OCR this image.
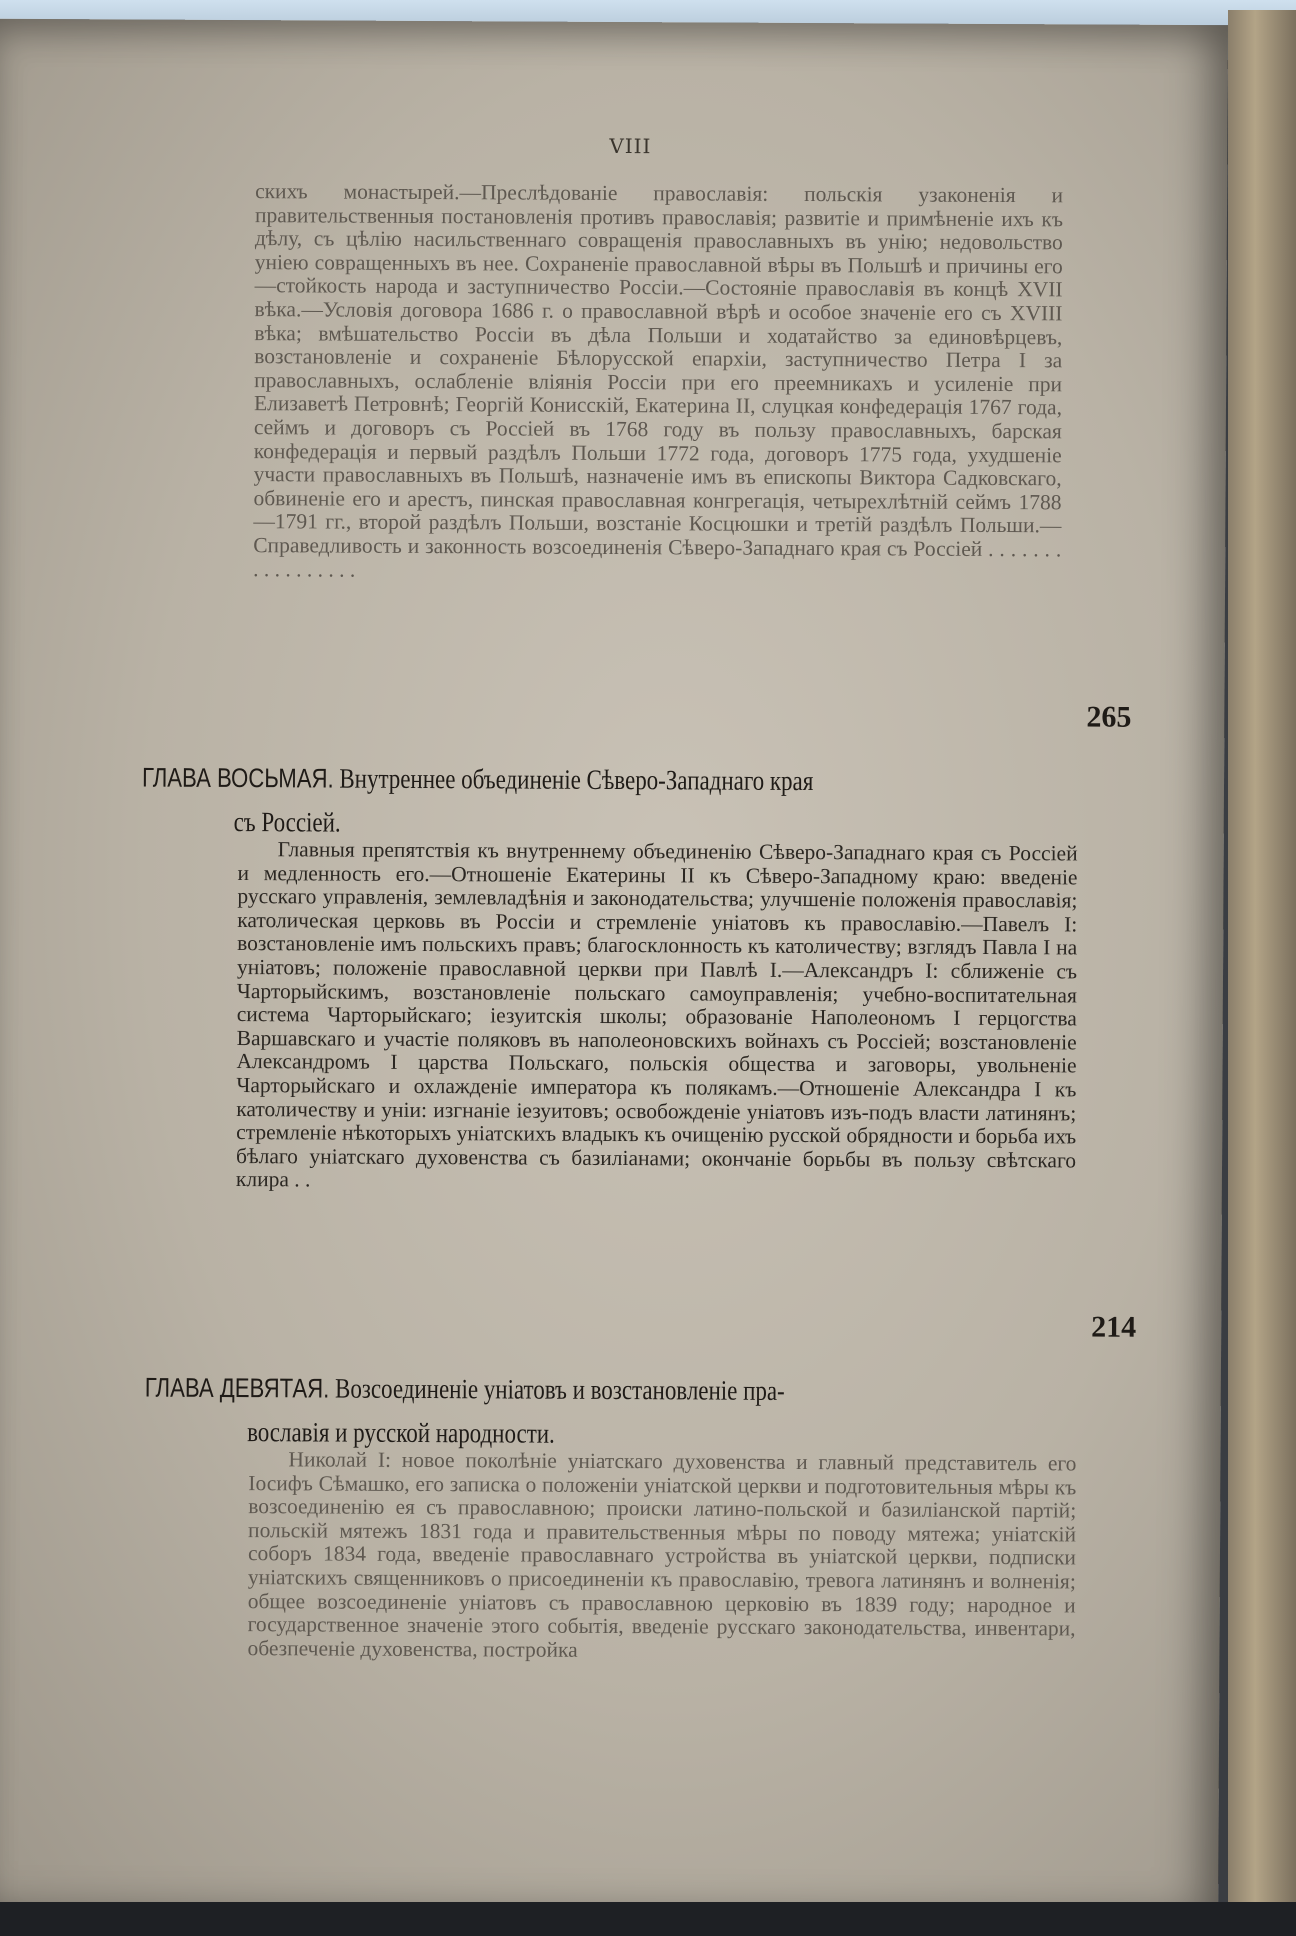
VIII

скихъ монастырей.—Преслѣдованіе православія: польскія узаконенія и правительственныя постановленія противъ православія; развитіе и примѣненіе ихъ къ дѣлу, съ цѣлію насильственнаго совращенія православныхъ въ унію; недовольство уніею совращенныхъ въ нее. Сохраненіе православной вѣры въ Польшѣ и причины его—стойкость народа и заступничество Россіи.—Состояніе православія въ концѣ XVII вѣка.—Условія договора 1686 г. о православной вѣрѣ и особое значеніе его съ XVIII вѣка; вмѣшательство Россіи въ дѣла Польши и ходатайство за единовѣрцевъ, возстановленіе и сохраненіе Бѣлорусской епархіи, заступничество Петра I за православныхъ, ослабленіе вліянія Россіи при его преемникахъ и усиленіе при Елизаветѣ Петровнѣ; Георгій Конисскій, Екатерина II, слуцкая конфедерація 1767 года, сеймъ и договоръ съ Россіей въ 1768 году въ пользу православныхъ, барская конфедерація и первый раздѣлъ Польши 1772 года, договоръ 1775 года, ухудшеніе участи православныхъ въ Польшѣ, назначеніе имъ въ епископы Виктора Садковскаго, обвиненіе его и арестъ, пинская православная конгрегація, четырехлѣтній сеймъ 1788—1791 гг., второй раздѣлъ Польши, возстаніе Косцюшки и третій раздѣлъ Польши.—Справедливость и законность возсоединенія Сѣверо-Западнаго края съ Россіей . . . . . . . . . . . . . . . . .

265
ГЛАВА ВОСЬМАЯ. Внутреннее объединеніе Сѣверо-Западнаго края
съ Россіей.

Главныя препятствія къ внутреннему объединенію Сѣверо-Западнаго края съ Россіей и медленность его.—Отношеніе Екатерины II къ Сѣверо-Западному краю: введеніе русскаго управленія, землевладѣнія и законодательства; улучшеніе положенія православія; католическая церковь въ Россіи и стремленіе уніатовъ къ православію.—Павелъ I: возстановленіе имъ польскихъ правъ; благосклонность къ католичеству; взглядъ Павла I на уніатовъ; положеніе православной церкви при Павлѣ I.—Александръ I: сближеніе съ Чарторыйскимъ, возстановленіе польскаго самоуправленія; учебно-воспитательная система Чарторыйскаго; іезуитскія школы; образованіе Наполеономъ I герцогства Варшавскаго и участіе поляковъ въ наполеоновскихъ войнахъ съ Россіей; возстановленіе Александромъ I царства Польскаго, польскія общества и заговоры, увольненіе Чарторыйскаго и охлажденіе императора къ полякамъ.—Отношеніе Александра I къ католичеству и уніи: изгнаніе іезуитовъ; освобожденіе уніатовъ изъ-подъ власти латинянъ; стремленіе нѣкоторыхъ уніатскихъ владыкъ къ очищенію русской обрядности и борьба ихъ бѣлаго уніатскаго духовенства съ базиліанами; окончаніе борьбы въ пользу свѣтскаго клира . .

214
ГЛАВА ДЕВЯТАЯ. Возсоединеніе уніатовъ и возстановленіе пра-
вославія и русской народности.

Николай I: новое поколѣніе уніатскаго духовенства и главный представитель его Іосифъ Сѣмашко, его записка о положеніи уніатской церкви и подготовительныя мѣры къ возсоединенію ея съ православною; происки латино-польской и базиліанской партій; польскій мятежъ 1831 года и правительственныя мѣры по поводу мятежа; уніатскій соборъ 1834 года, введеніе православнаго устройства въ уніатской церкви, подписки уніатскихъ священниковъ о присоединеніи къ православію, тревога латинянъ и волненія; общее возсоединеніе уніатовъ съ православною церковію въ 1839 году; народное и государственное значеніе этого событія, введеніе русскаго законодательства, инвентари, обезпеченіе духовенства, постройка
